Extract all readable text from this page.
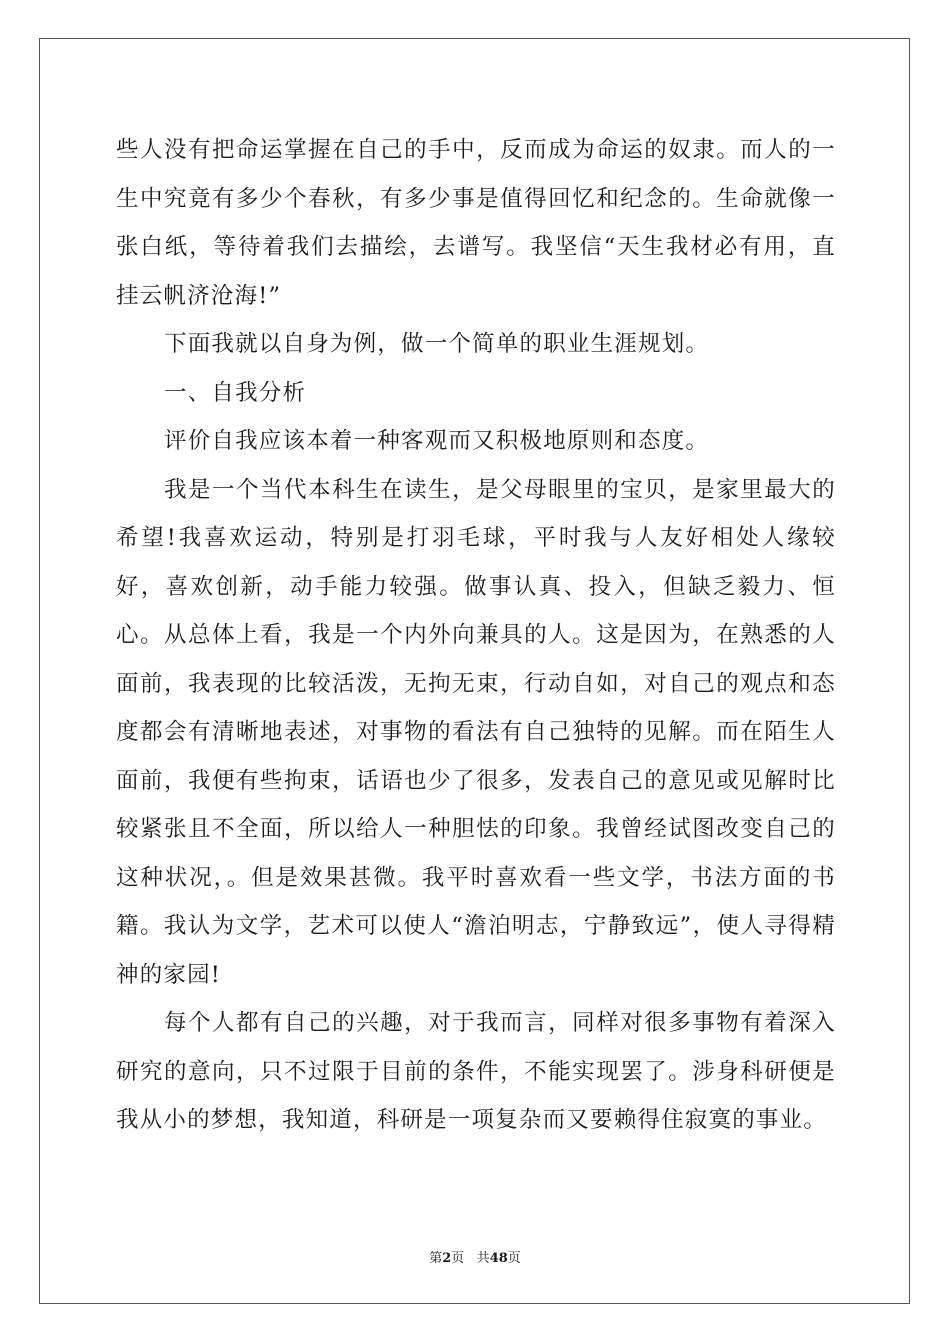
些人没有把命运掌握在自己的手中，反而成为命运的奴隶。而人的一生中究竟有多少个春秋，有多少事是值得回忆和纪念的。生命就像一张白纸，等待着我们去描绘，去谱写。我坚信“天生我材必有用，直挂云帆济沧海!”

下面我就以自身为例，做一个简单的职业生涯规划。

一、自我分析

评价自我应该本着一种客观而又积极地原则和态度。

我是一个当代本科生在读生，是父母眼里的宝贝，是家里最大的希望!我喜欢运动，特别是打羽毛球，平时我与人友好相处人缘较好，喜欢创新，动手能力较强。做事认真、投入，但缺乏毅力、恒心。从总体上看，我是一个内外向兼具的人。这是因为，在熟悉的人面前，我表现的比较活泼，无拘无束，行动自如，对自己的观点和态度都会有清晰地表述，对事物的看法有自己独特的见解。而在陌生人面前，我便有些拘束，话语也少了很多，发表自己的意见或见解时比较紧张且不全面，所以给人一种胆怯的印象。我曾经试图改变自己的这种状况，。但是效果甚微。我平时喜欢看一些文学，书法方面的书籍。我认为文学，艺术可以使人“澹泊明志，宁静致远”，使人寻得精神的家园!

每个人都有自己的兴趣，对于我而言，同样对很多事物有着深入研究的意向，只不过限于目前的条件，不能实现罢了。涉身科研便是我从小的梦想，我知道，科研是一项复杂而又要赖得住寂寞的事业。

第2页 共48页
